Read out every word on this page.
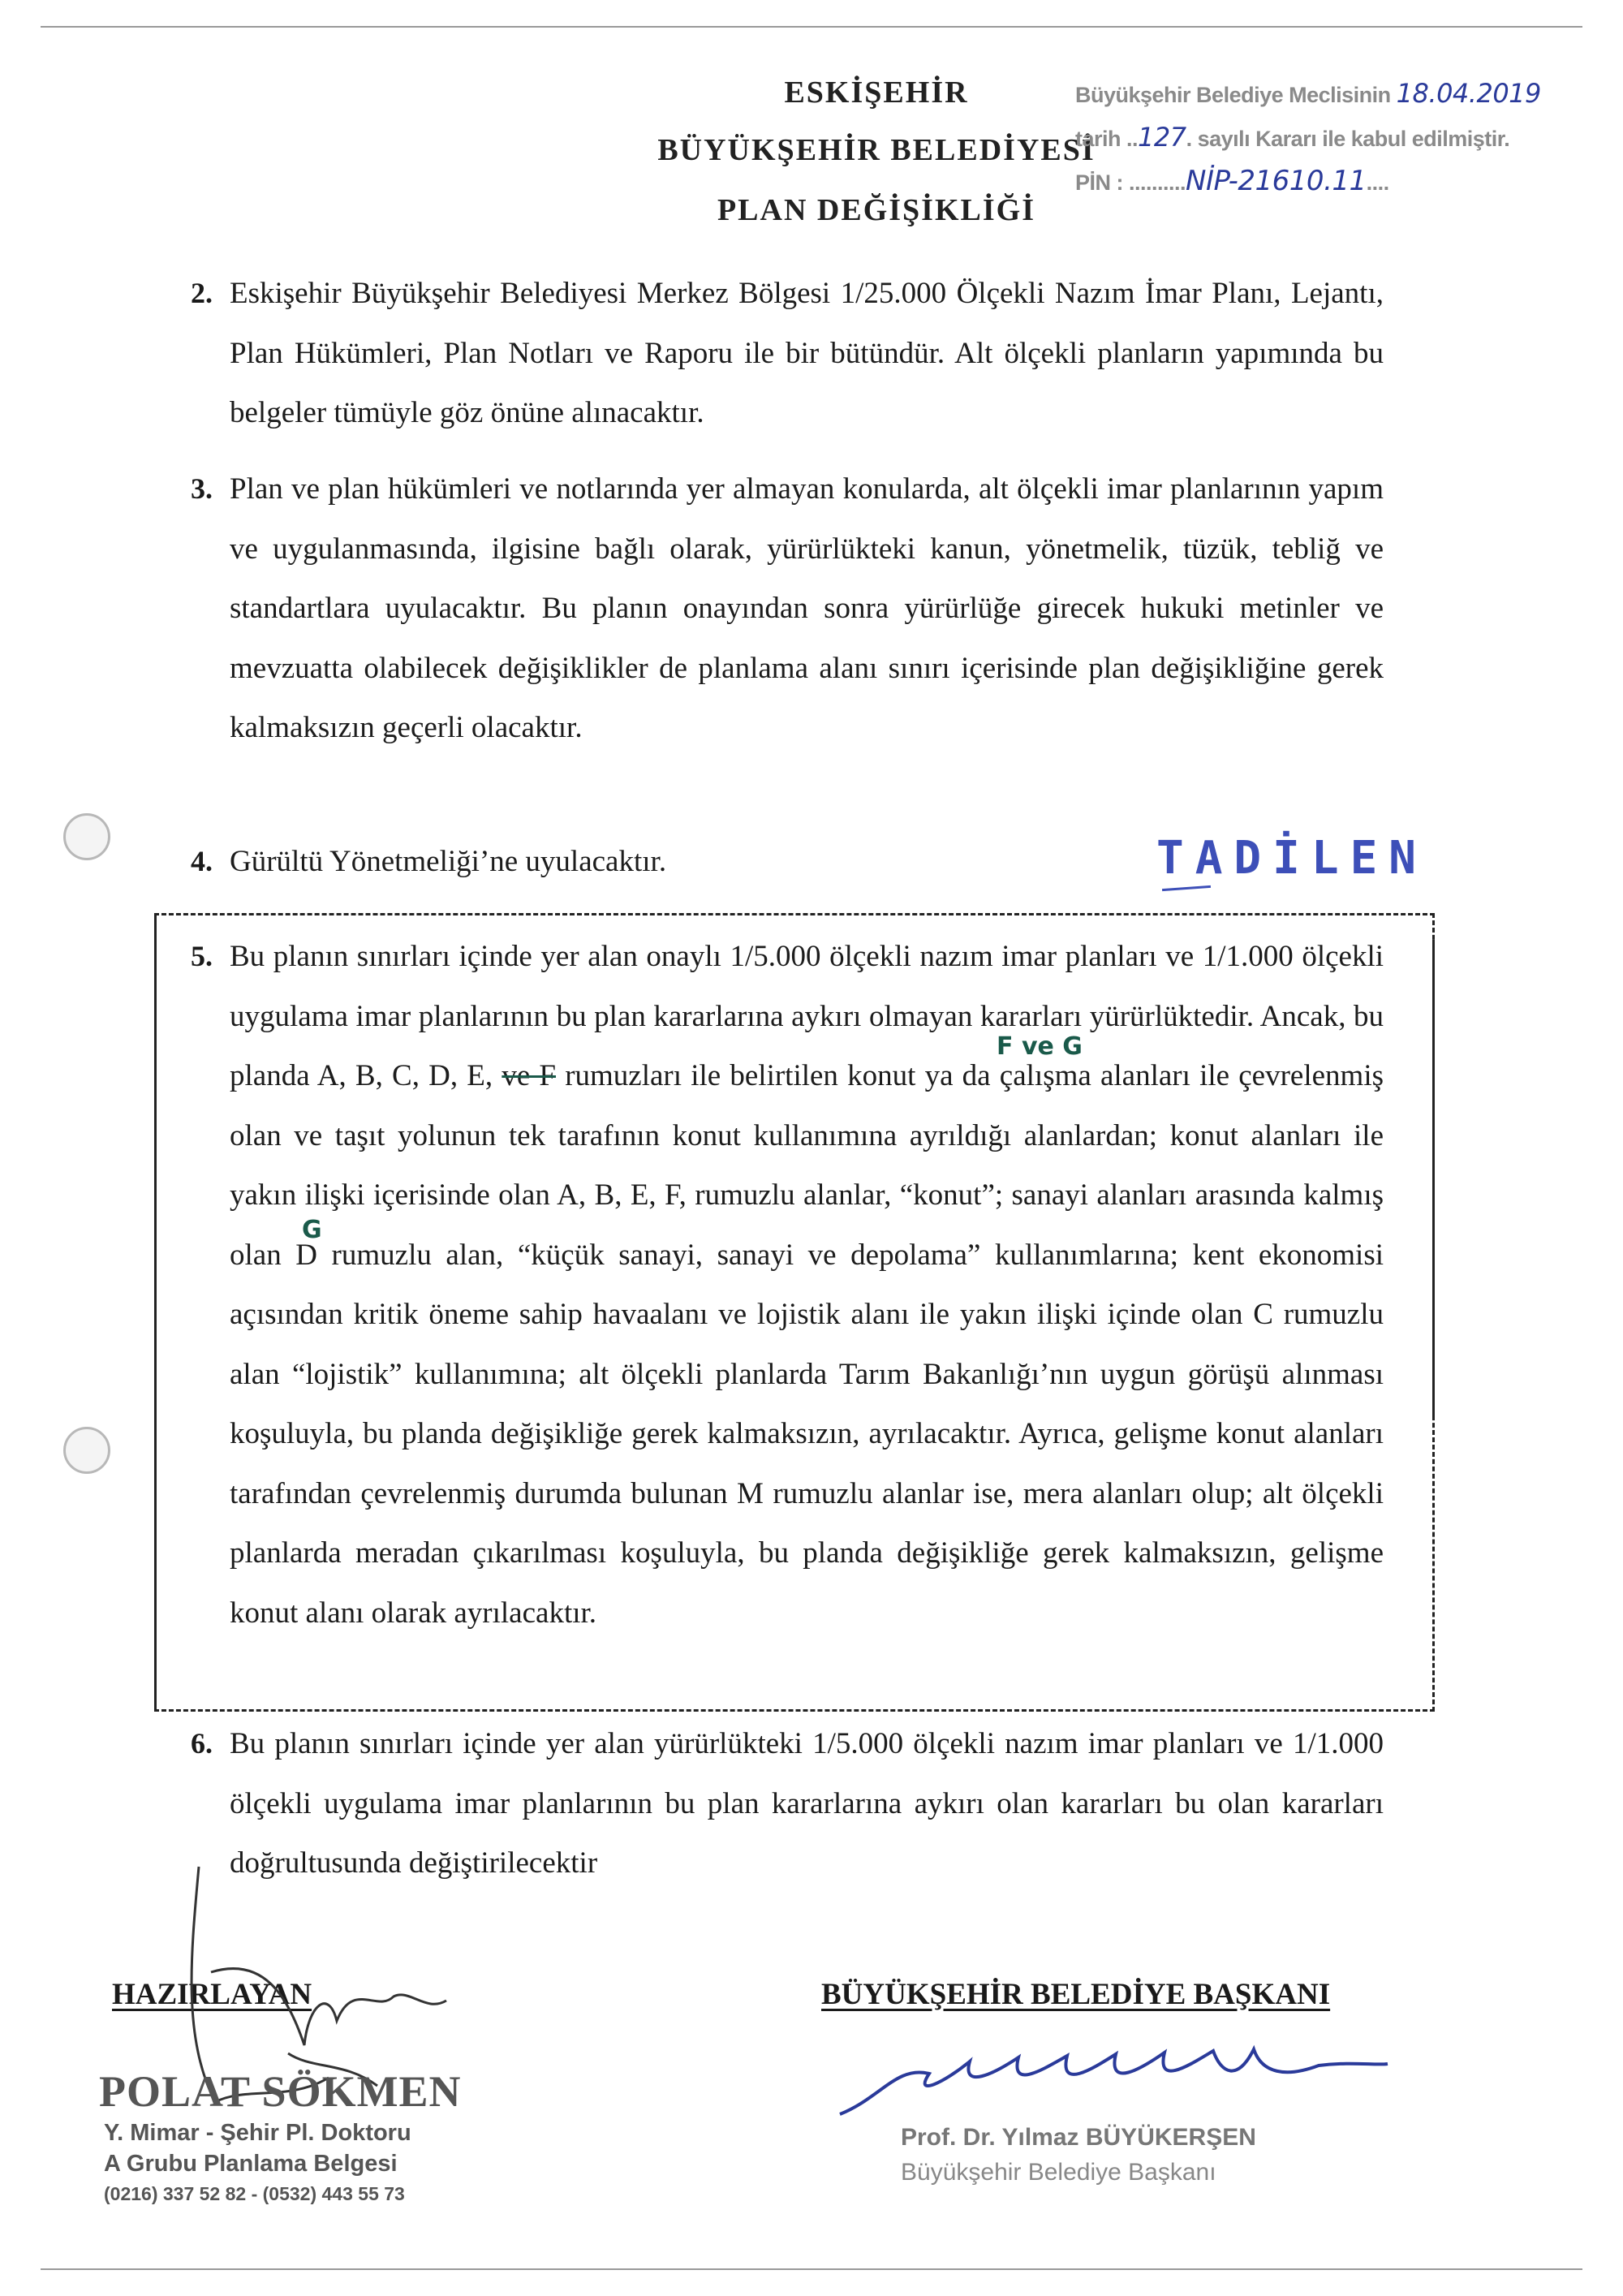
ESKİŞEHİR
BÜYÜKŞEHİR BELEDİYESİ
PLAN DEĞİŞİKLİĞİ
Büyükşehir Belediye Meclisinin 18.04.2019
tarih ..127. sayılı Kararı ile kabul edilmiştir.
PİN : ..........NİP-21610.11....
2. Eskişehir Büyükşehir Belediyesi Merkez Bölgesi 1/25.000 Ölçekli Nazım İmar Planı, Lejantı, Plan Hükümleri, Plan Notları ve Raporu ile bir bütündür. Alt ölçekli planların yapımında bu belgeler tümüyle göz önüne alınacaktır.
3. Plan ve plan hükümleri ve notlarında yer almayan konularda, alt ölçekli imar planlarının yapım ve uygulanmasında, ilgisine bağlı olarak, yürürlükteki kanun, yönetmelik, tüzük, tebliğ ve standartlara uyulacaktır. Bu planın onayından sonra yürürlüğe girecek hukuki metinler ve mevzuatta olabilecek değişiklikler de planlama alanı sınırı içerisinde plan değişikliğine gerek kalmaksızın geçerli olacaktır.
4. Gürültü Yönetmeliği’ne uyulacaktır.	TADİLEN
5. Bu planın sınırları içinde yer alan onaylı 1/5.000 ölçekli nazım imar planları ve 1/1.000 ölçekli uygulama imar planlarının bu plan kararlarına aykırı olmayan kararları yürürlüktedir. Ancak, bu planda A, B, C, D, E, ve F rumuzları ile belirtilen konut ya da çalışma alanları ile çevrelenmiş olan ve taşıt yolunun tek tarafının konut kullanımına ayrıldığı alanlardan; konut alanları ile yakın ilişki içerisinde olan A, B, E, F, rumuzlu alanlar, “konut”; sanayi alanları arasında kalmış olan D rumuzlu alan, “küçük sanayi, sanayi ve depolama” kullanımlarına; kent ekonomisi açısından kritik öneme sahip havaalanı ve lojistik alanı ile yakın ilişki içinde olan C rumuzlu alan “lojistik” kullanımına; alt ölçekli planlarda Tarım Bakanlığı’nın uygun görüşü alınması koşuluyla, bu planda değişikliğe gerek kalmaksızın, ayrılacaktır. Ayrıca, gelişme konut alanları tarafından çevrelenmiş durumda bulunan M rumuzlu alanlar ise, mera alanları olup; alt ölçekli planlarda meradan çıkarılması koşuluyla, bu planda değişikliğe gerek kalmaksızın, gelişme konut alanı olarak ayrılacaktır.
F ve G
G
6. Bu planın sınırları içinde yer alan yürürlükteki 1/5.000 ölçekli nazım imar planları ve 1/1.000 ölçekli uygulama imar planlarının bu plan kararlarına aykırı olan kararları bu olan kararları doğrultusunda değiştirilecektir
HAZIRLAYAN
POLAT SÖKMEN
Y. Mimar - Şehir Pl. Doktoru
A Grubu Planlama Belgesi
(0216) 337 52 82 - (0532) 443 55 73
BÜYÜKŞEHİR BELEDİYE BAŞKANI
Prof. Dr. Yılmaz BÜYÜKERŞEN
Büyükşehir Belediye Başkanı
